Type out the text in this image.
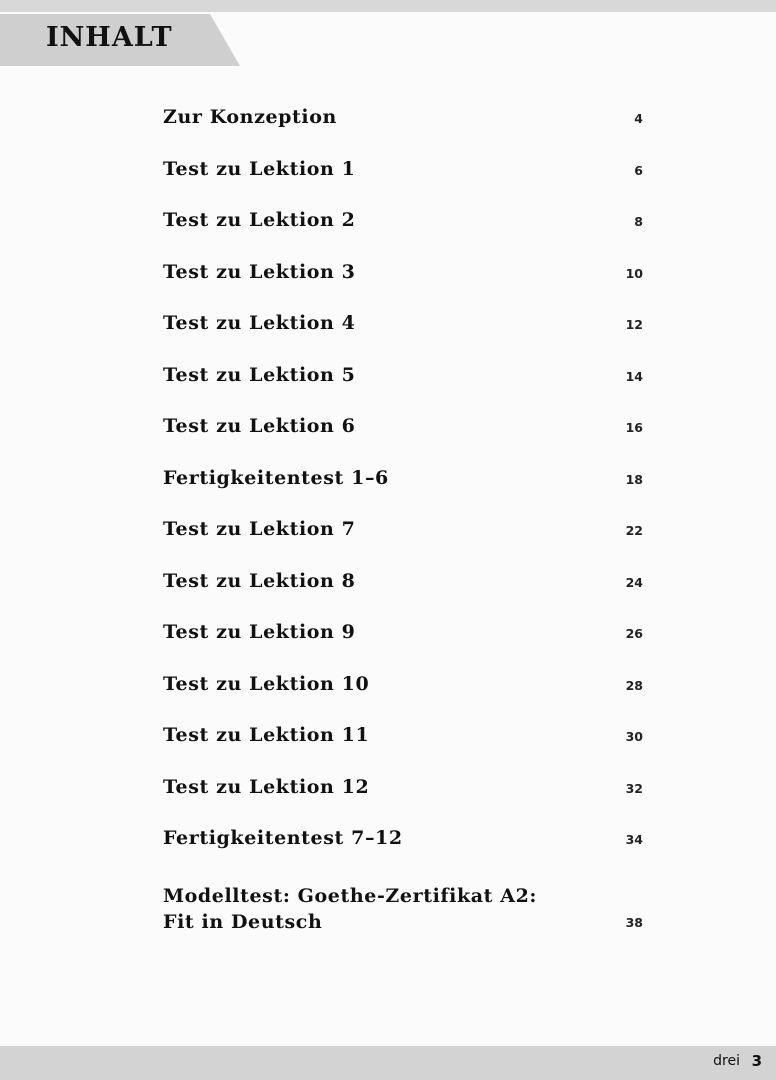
INHALT
Zur Konzeption	4
Test zu Lektion 1	6
Test zu Lektion 2	8
Test zu Lektion 3	10
Test zu Lektion 4	12
Test zu Lektion 5	14
Test zu Lektion 6	16
Fertigkeitentest 1–6	18
Test zu Lektion 7	22
Test zu Lektion 8	24
Test zu Lektion 9	26
Test zu Lektion 10	28
Test zu Lektion 11	30
Test zu Lektion 12	32
Fertigkeitentest 7–12	34
Modelltest: Goethe-Zertifikat A2:
Fit in Deutsch	38
drei 3
